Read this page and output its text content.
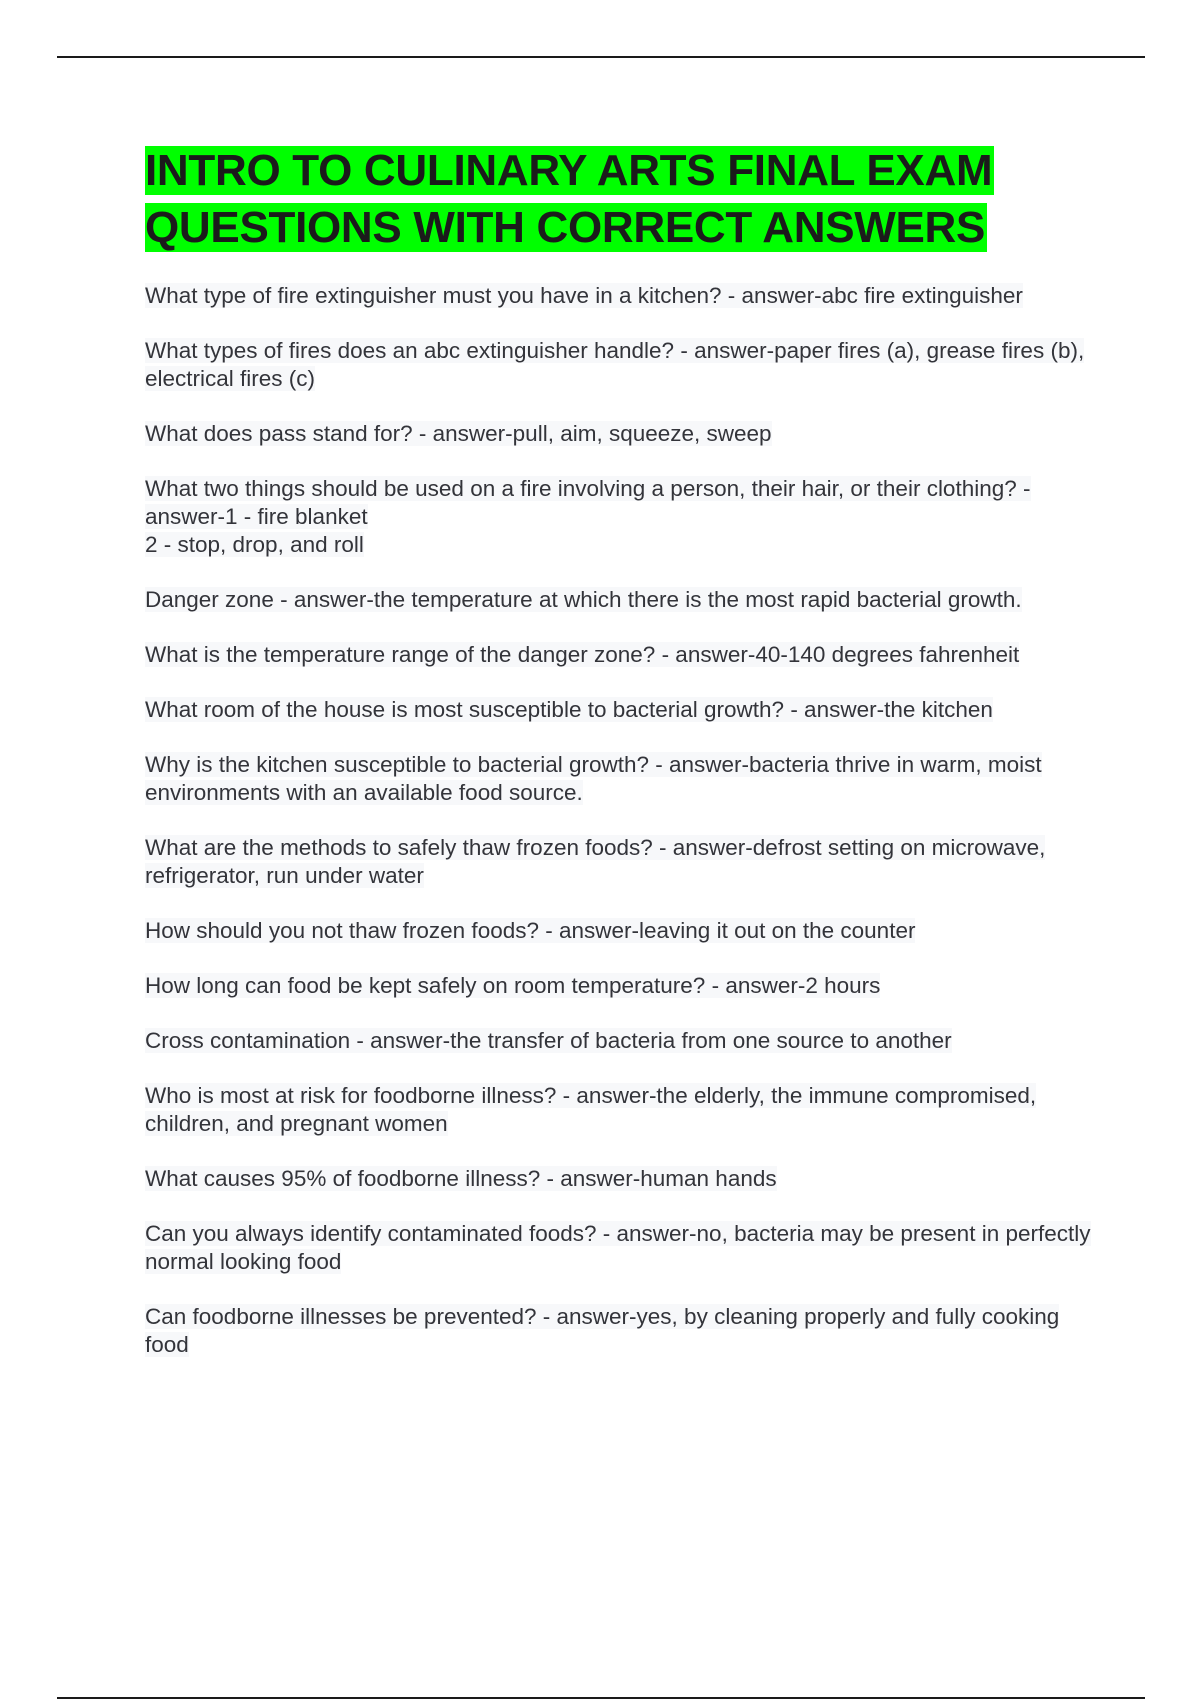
INTRO TO CULINARY ARTS FINAL EXAM QUESTIONS WITH CORRECT ANSWERS
What type of fire extinguisher must you have in a kitchen? - answer-abc fire extinguisher
What types of fires does an abc extinguisher handle? - answer-paper fires (a), grease fires (b), electrical fires (c)
What does pass stand for? - answer-pull, aim, squeeze, sweep
What two things should be used on a fire involving a person, their hair, or their clothing? - answer-1 - fire blanket
2 - stop, drop, and roll
Danger zone - answer-the temperature at which there is the most rapid bacterial growth.
What is the temperature range of the danger zone? - answer-40-140 degrees fahrenheit
What room of the house is most susceptible to bacterial growth? - answer-the kitchen
Why is the kitchen susceptible to bacterial growth? - answer-bacteria thrive in warm, moist environments with an available food source.
What are the methods to safely thaw frozen foods? - answer-defrost setting on microwave, refrigerator, run under water
How should you not thaw frozen foods? - answer-leaving it out on the counter
How long can food be kept safely on room temperature? - answer-2 hours
Cross contamination - answer-the transfer of bacteria from one source to another
Who is most at risk for foodborne illness? - answer-the elderly, the immune compromised, children, and pregnant women
What causes 95% of foodborne illness? - answer-human hands
Can you always identify contaminated foods? - answer-no, bacteria may be present in perfectly normal looking food
Can foodborne illnesses be prevented? - answer-yes, by cleaning properly and fully cooking food
